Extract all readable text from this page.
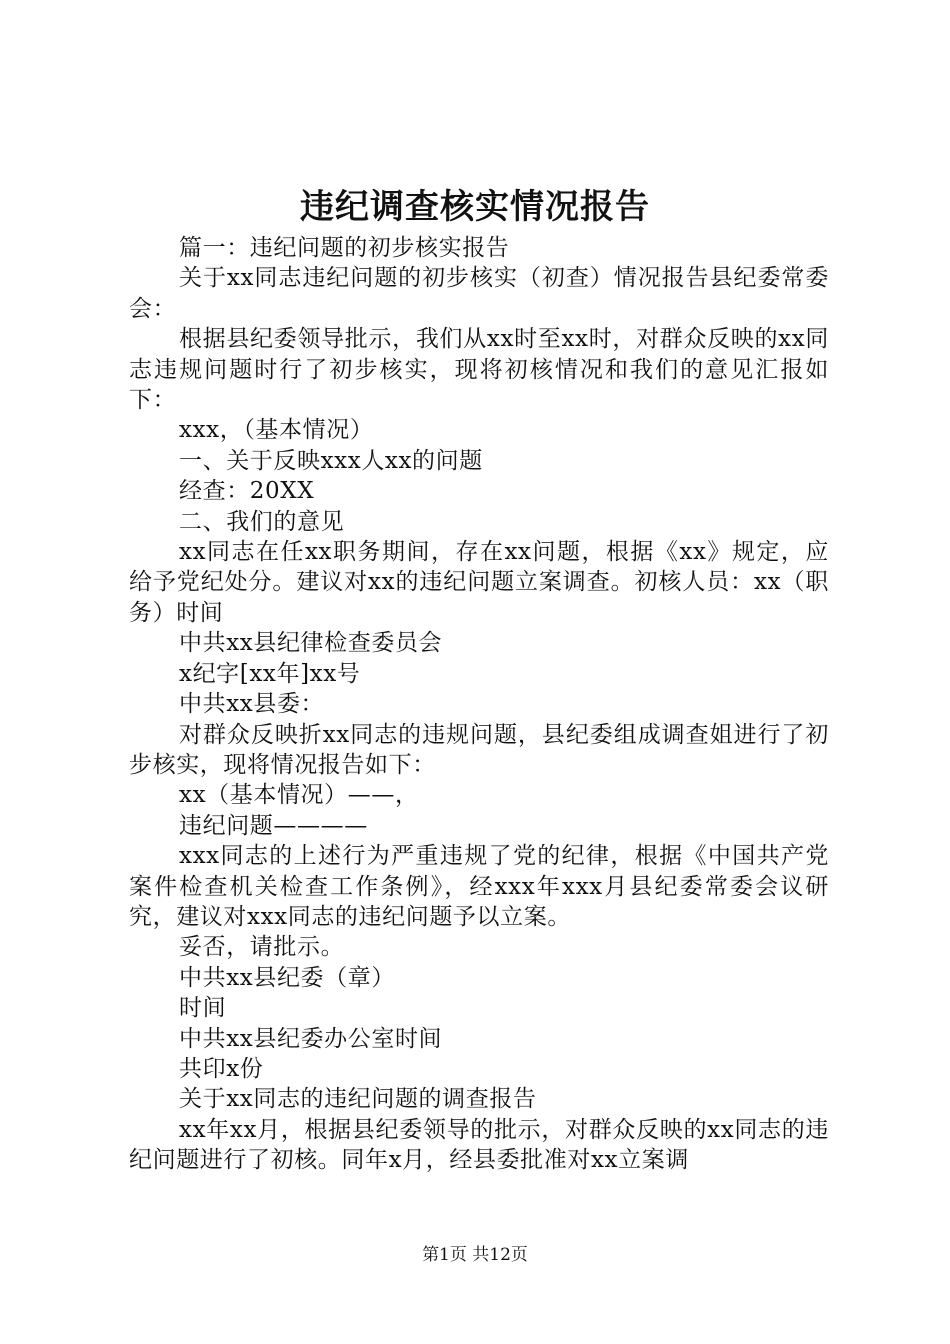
违纪调查核实情况报告

篇一：违纪问题的初步核实报告

关于xx同志违纪问题的初步核实（初查）情况报告县纪委常委会：

根据县纪委领导批示，我们从xx时至xx时，对群众反映的xx同志违规问题时行了初步核实，现将初核情况和我们的意见汇报如下：

xxx，（基本情况）

一、关于反映xxx人xx的问题

经查：20XX

二、我们的意见

xx同志在任xx职务期间，存在xx问题，根据《xx》规定，应给予党纪处分。建议对xx的违纪问题立案调查。初核人员：xx（职务）时间

中共xx县纪律检查委员会

x纪字[xx年]xx号

中共xx县委：

对群众反映折xx同志的违规问题，县纪委组成调查姐进行了初步核实，现将情况报告如下：

xx（基本情况）——，

违纪问题————

xxx同志的上述行为严重违规了党的纪律，根据《中国共产党案件检查机关检查工作条例》，经xxx年xxx月县纪委常委会议研究，建议对xxx同志的违纪问题予以立案。

妥否，请批示。

中共xx县纪委（章）

时间

中共xx县纪委办公室时间

共印x份

关于xx同志的违纪问题的调查报告

xx年xx月，根据县纪委领导的批示，对群众反映的xx同志的违纪问题进行了初核。同年x月，经县委批准对xx立案调

第1页 共12页
